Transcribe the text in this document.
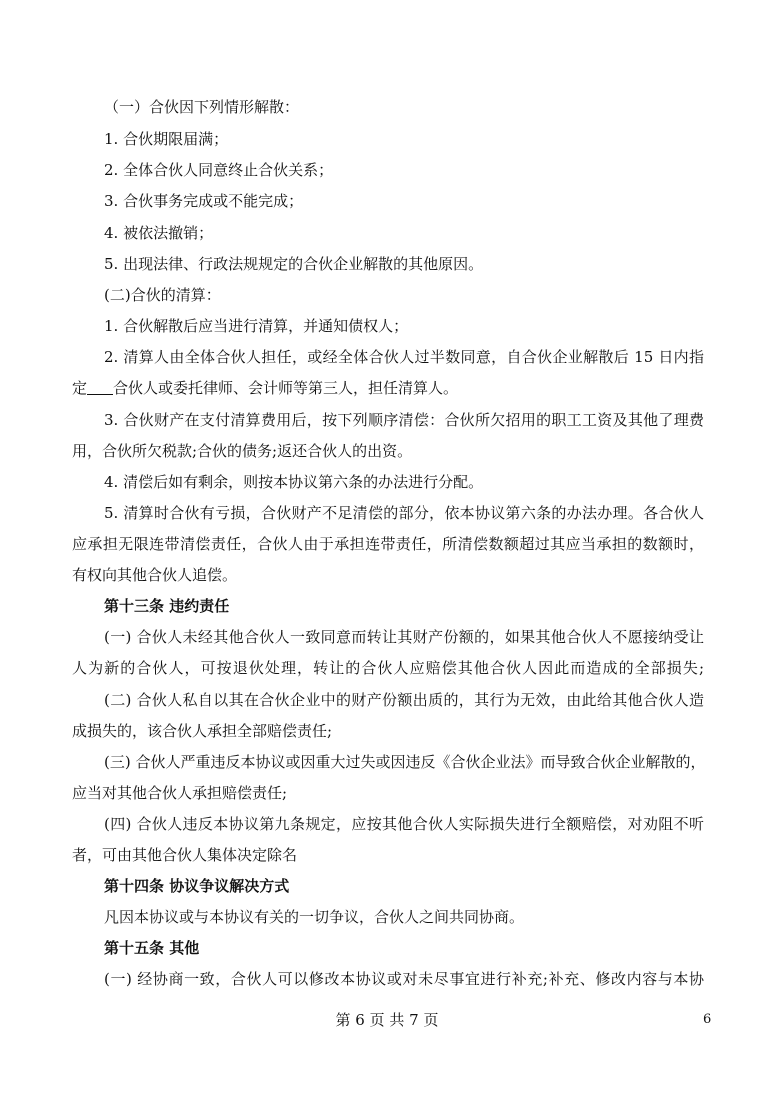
（一）合伙因下列情形解散：
1. 合伙期限届满；
2. 全体合伙人同意终止合伙关系；
3. 合伙事务完成或不能完成；
4. 被依法撤销；
5. 出现法律、行政法规规定的合伙企业解散的其他原因。
(二)合伙的清算：
1. 合伙解散后应当进行清算，并通知债权人；
2. 清算人由全体合伙人担任，或经全体合伙人过半数同意，自合伙企业解散后 15 日内指
定 合伙人或委托律师、会计师等第三人，担任清算人。
3. 合伙财产在支付清算费用后，按下列顺序清偿：合伙所欠招用的职工工资及其他了理费
用，合伙所欠税款;合伙的债务;返还合伙人的出资。
4. 清偿后如有剩余，则按本协议第六条的办法进行分配。
5. 清算时合伙有亏损，合伙财产不足清偿的部分，依本协议第六条的办法办理。各合伙人
应承担无限连带清偿责任，合伙人由于承担连带责任，所清偿数额超过其应当承担的数额时，
有权向其他合伙人追偿。
第十三条 违约责任
(一) 合伙人未经其他合伙人一致同意而转让其财产份额的，如果其他合伙人不愿接纳受让
人为新的合伙人，可按退伙处理，转让的合伙人应赔偿其他合伙人因此而造成的全部损失;
(二) 合伙人私自以其在合伙企业中的财产份额出质的，其行为无效，由此给其他合伙人造
成损失的，该合伙人承担全部赔偿责任;
(三) 合伙人严重违反本协议或因重大过失或因违反《合伙企业法》而导致合伙企业解散的，
应当对其他合伙人承担赔偿责任;
(四) 合伙人违反本协议第九条规定，应按其他合伙人实际损失进行全额赔偿，对劝阻不听
者，可由其他合伙人集体决定除名
第十四条 协议争议解决方式
凡因本协议或与本协议有关的一切争议，合伙人之间共同协商。
第十五条 其他
(一) 经协商一致，合伙人可以修改本协议或对未尽事宜进行补充;补充、修改内容与本协
第 6 页 共 7 页	6
